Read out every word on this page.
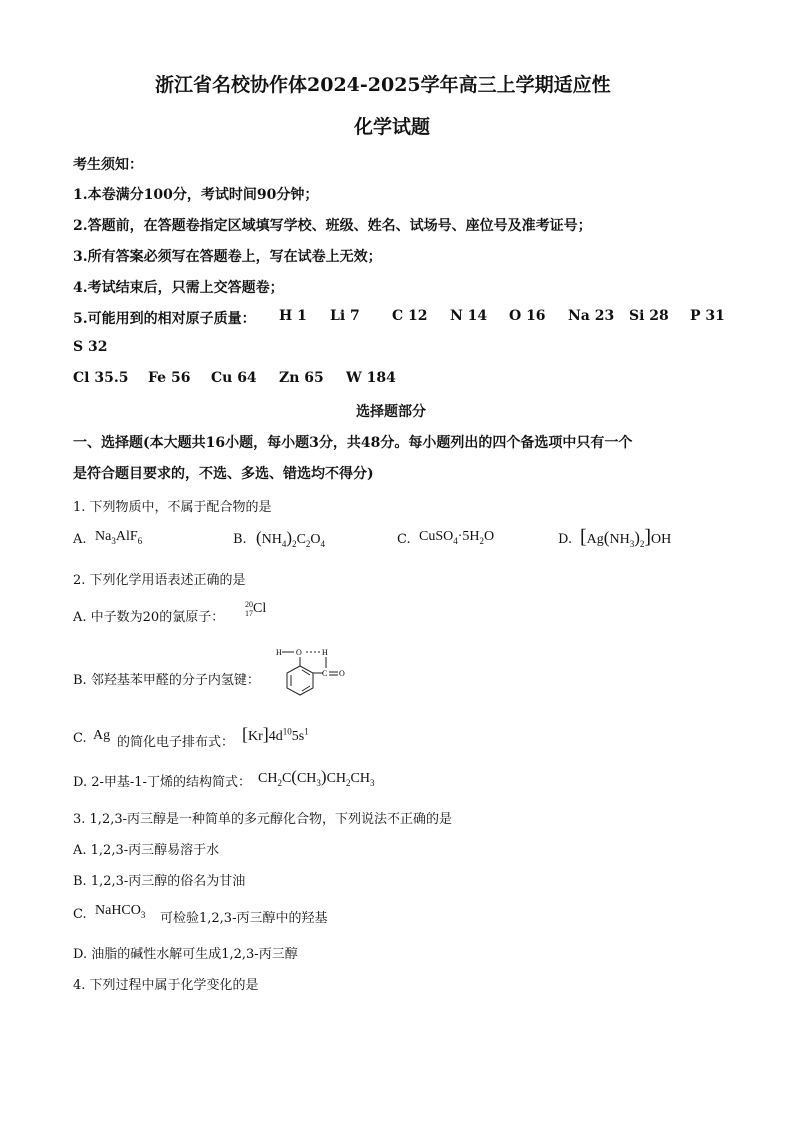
浙江省名校协作体2024-2025学年高三上学期适应性
化学试题
考生须知：
1.本卷满分100分，考试时间90分钟；
2.答题前，在答题卷指定区域填写学校、班级、姓名、试场号、座位号及准考证号；
3.所有答案必须写在答题卷上，写在试卷上无效；
4.考试结束后，只需上交答题卷；
5.可能用到的相对原子质量： H 1 Li 7 C 12 N 14 O 16 Na 23 Si 28 P 31
S 32
Cl 35.5 Fe 56 Cu 64 Zn 65 W 184
选择题部分
一、选择题(本大题共16小题，每小题3分，共48分。每小题列出的四个备选项中只有一个
是符合题目要求的，不选、多选、错选均不得分)
1. 下列物质中，不属于配合物的是
A. $Na_3AlF_6$	B. $(NH_4)_2C_2O_4$	C. $CuSO_4\cdot 5H_2O$	D. $[Ag(NH_3)_2]OH$
2. 下列化学用语表述正确的是
A. 中子数为20的氯原子：
20
17Cl
B. 邻羟基苯甲醛的分子内氢键：
H O	H
C O
C. Ag 的简化电子排布式： $[Kr]4d^{10}5s^1$
D. 2-甲基-1-丁烯的结构简式： $CH_2C(CH_3)CH_2CH_3$
3. 1,2,3-丙三醇是一种简单的多元醇化合物，下列说法不正确的是
A. 1,2,3-丙三醇易溶于水
B. 1,2,3-丙三醇的俗名为甘油
C. NaHCO$_3$ 可检验1,2,3-丙三醇中的羟基
D. 油脂的碱性水解可生成1,2,3-丙三醇
4. 下列过程中属于化学变化的是
